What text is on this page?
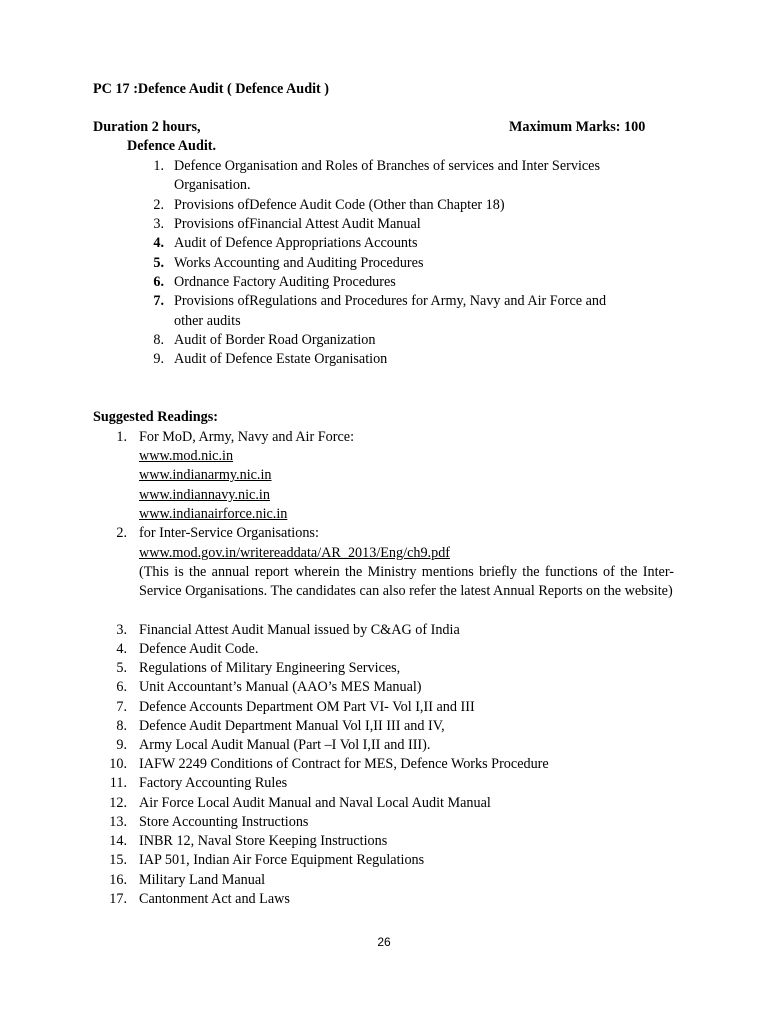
PC 17 :Defence Audit ( Defence Audit )
Duration 2 hours,	Maximum Marks: 100
Defence Audit.
1. Defence Organisation and Roles of Branches of services and Inter Services
Organisation.
2. Provisions ofDefence Audit Code (Other than Chapter 18)
3. Provisions ofFinancial Attest Audit Manual
4. Audit of Defence Appropriations Accounts
5. Works Accounting and Auditing Procedures
6. Ordnance Factory Auditing Procedures
7. Provisions ofRegulations and Procedures for Army, Navy and Air Force and
other audits
8. Audit of Border Road Organization
9. Audit of Defence Estate Organisation
Suggested Readings:
1. For MoD, Army, Navy and Air Force:
www.mod.nic.in
www.indianarmy.nic.in
www.indiannavy.nic.in
www.indianairforce.nic.in
2. for Inter-Service Organisations:
www.mod.gov.in/writereaddata/AR_2013/Eng/ch9.pdf
(This is the annual report wherein the Ministry mentions briefly the functions of the Inter-Service Organisations. The candidates can also refer the latest Annual Reports on the website)
3. Financial Attest Audit Manual issued by C&AG of India
4. Defence Audit Code.
5. Regulations of Military Engineering Services,
6. Unit Accountant’s Manual (AAO’s MES Manual)
7. Defence Accounts Department OM Part VI- Vol I,II and III
8. Defence Audit Department Manual Vol I,II III and IV,
9. Army Local Audit Manual (Part –I Vol I,II and III).
10. IAFW 2249 Conditions of Contract for MES, Defence Works Procedure
11. Factory Accounting Rules
12. Air Force Local Audit Manual and Naval Local Audit Manual
13. Store Accounting Instructions
14. INBR 12, Naval Store Keeping Instructions
15. IAP 501, Indian Air Force Equipment Regulations
16. Military Land Manual
17. Cantonment Act and Laws
26
